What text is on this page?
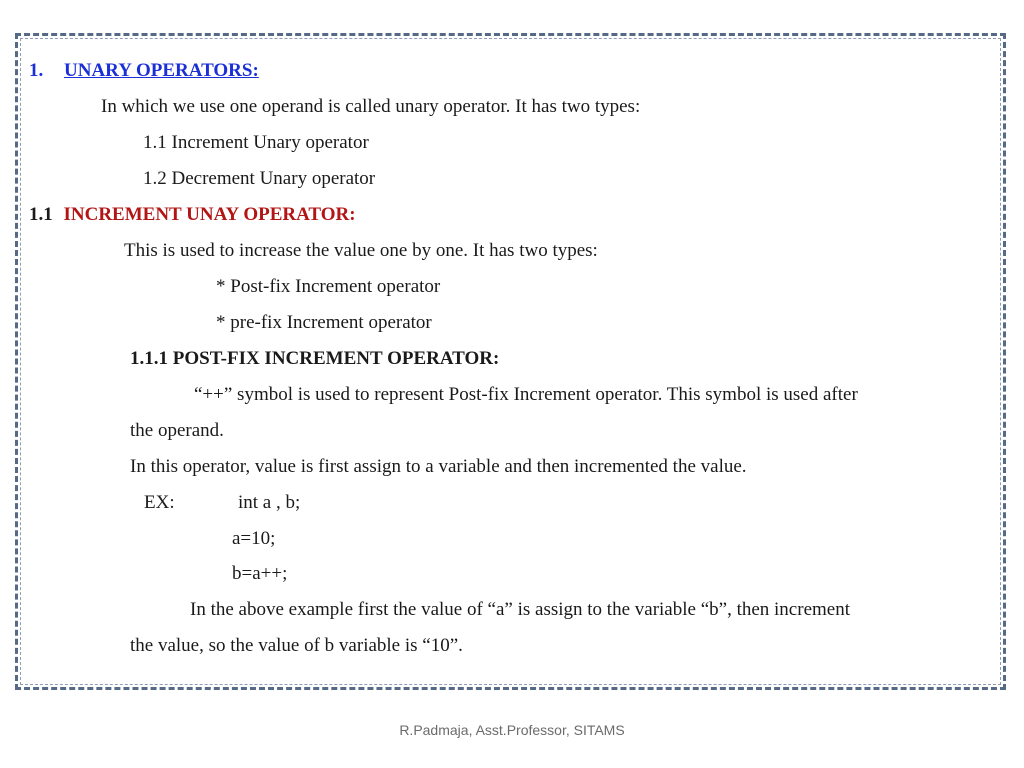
1. UNARY OPERATORS:
In which we use one operand is called unary operator. It has two types:
1.1 Increment Unary operator
1.2 Decrement Unary operator
1.1 INCREMENT UNAY OPERATOR:
This is used to increase the value one by one. It has two types:
* Post-fix Increment operator
* pre-fix Increment operator
1.1.1 POST-FIX INCREMENT OPERATOR:
“++” symbol is used to represent Post-fix Increment operator. This symbol is used after
the operand.
In this operator, value is first assign to a variable and then incremented the value.
EX:	int a , b;
a=10;
b=a++;
In the above example first the value of “a” is assign to the variable “b”, then increment
the value, so the value of b variable is “10”.
R.Padmaja, Asst.Professor, SITAMS
